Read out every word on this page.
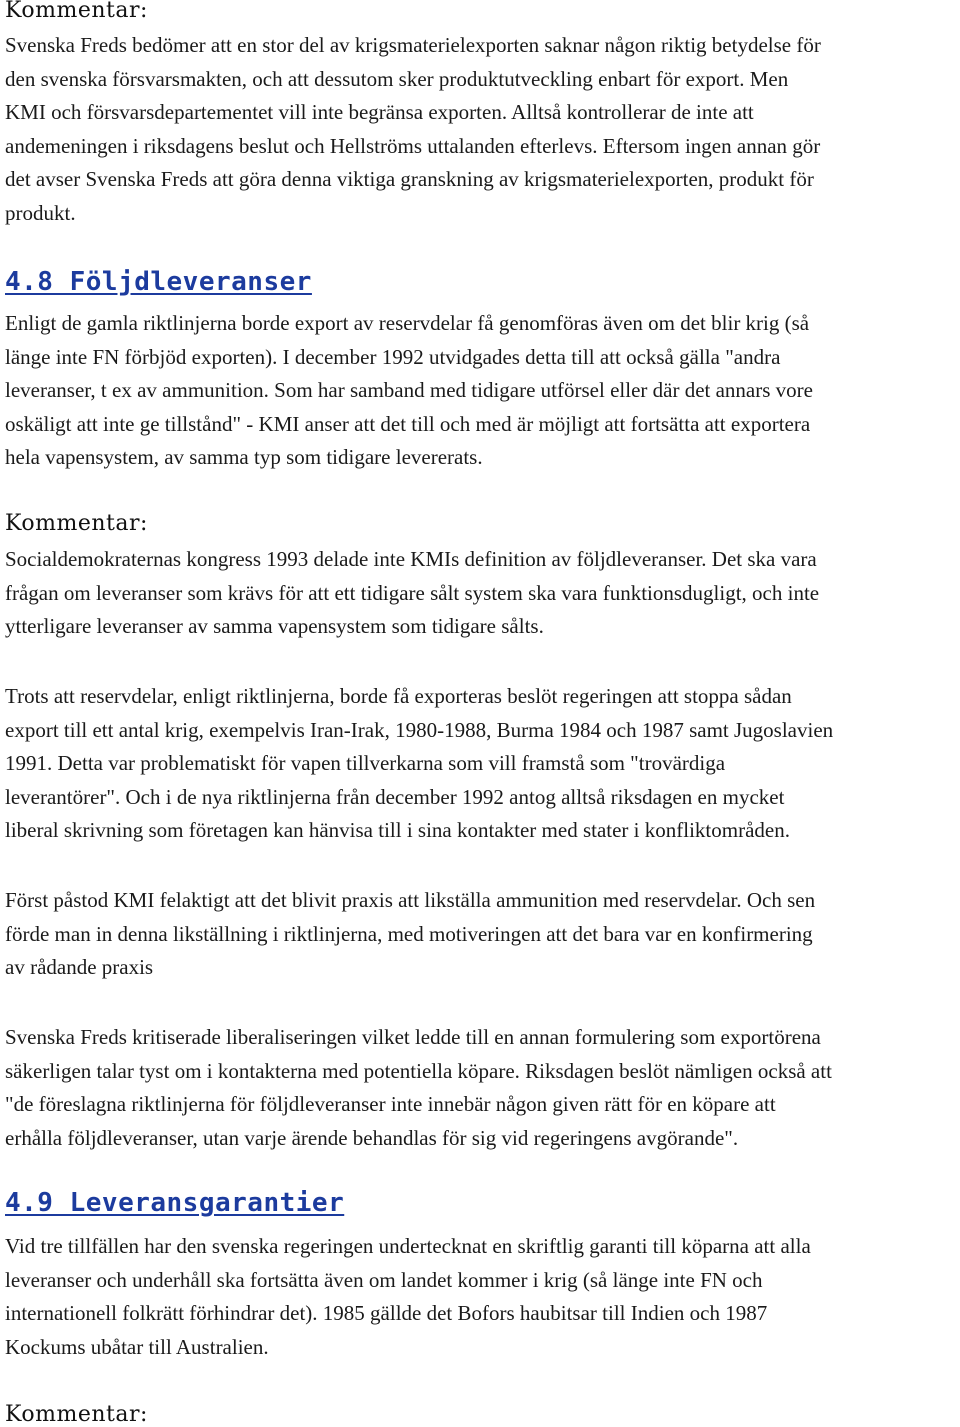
Kommentar:
Svenska Freds bedömer att en stor del av krigsmaterielexporten saknar någon riktig betydelse för
den svenska försvarsmakten, och att dessutom sker produktutveckling enbart för export. Men
KMI och försvarsdepartementet vill inte begränsa exporten. Alltså kontrollerar de inte att
andemeningen i riksdagens beslut och Hellströms uttalanden efterlevs. Eftersom ingen annan gör
det avser Svenska Freds att göra denna viktiga granskning av krigsmaterielexporten, produkt för
produkt.
4.8 Följdleveranser
Enligt de gamla riktlinjerna borde export av reservdelar få genomföras även om det blir krig (så
länge inte FN förbjöd exporten). I december 1992 utvidgades detta till att också gälla "andra
leveranser, t ex av ammunition. Som har samband med tidigare utförsel eller där det annars vore
oskäligt att inte ge tillstånd" - KMI anser att det till och med är möjligt att fortsätta att exportera
hela vapensystem, av samma typ som tidigare levererats.
Kommentar:
Socialdemokraternas kongress 1993 delade inte KMIs definition av följdleveranser. Det ska vara
frågan om leveranser som krävs för att ett tidigare sålt system ska vara funktionsdugligt, och inte
ytterligare leveranser av samma vapensystem som tidigare sålts.
Trots att reservdelar, enligt riktlinjerna, borde få exporteras beslöt regeringen att stoppa sådan
export till ett antal krig, exempelvis Iran-Irak, 1980-1988, Burma 1984 och 1987 samt Jugoslavien
1991. Detta var problematiskt för vapen tillverkarna som vill framstå som "trovärdiga
leverantörer". Och i de nya riktlinjerna från december 1992 antog alltså riksdagen en mycket
liberal skrivning som företagen kan hänvisa till i sina kontakter med stater i konfliktområden.
Först påstod KMI felaktigt att det blivit praxis att likställa ammunition med reservdelar. Och sen
förde man in denna likställning i riktlinjerna, med motiveringen att det bara var en konfirmering
av rådande praxis
Svenska Freds kritiserade liberaliseringen vilket ledde till en annan formulering som exportörena
säkerligen talar tyst om i kontakterna med potentiella köpare. Riksdagen beslöt nämligen också att
"de föreslagna riktlinjerna för följdleveranser inte innebär någon given rätt för en köpare att
erhålla följdleveranser, utan varje ärende behandlas för sig vid regeringens avgörande".
4.9 Leveransgarantier
Vid tre tillfällen har den svenska regeringen undertecknat en skriftlig garanti till köparna att alla
leveranser och underhåll ska fortsätta även om landet kommer i krig (så länge inte FN och
internationell folkrätt förhindrar det). 1985 gällde det Bofors haubitsar till Indien och 1987
Kockums ubåtar till Australien.
Kommentar:
